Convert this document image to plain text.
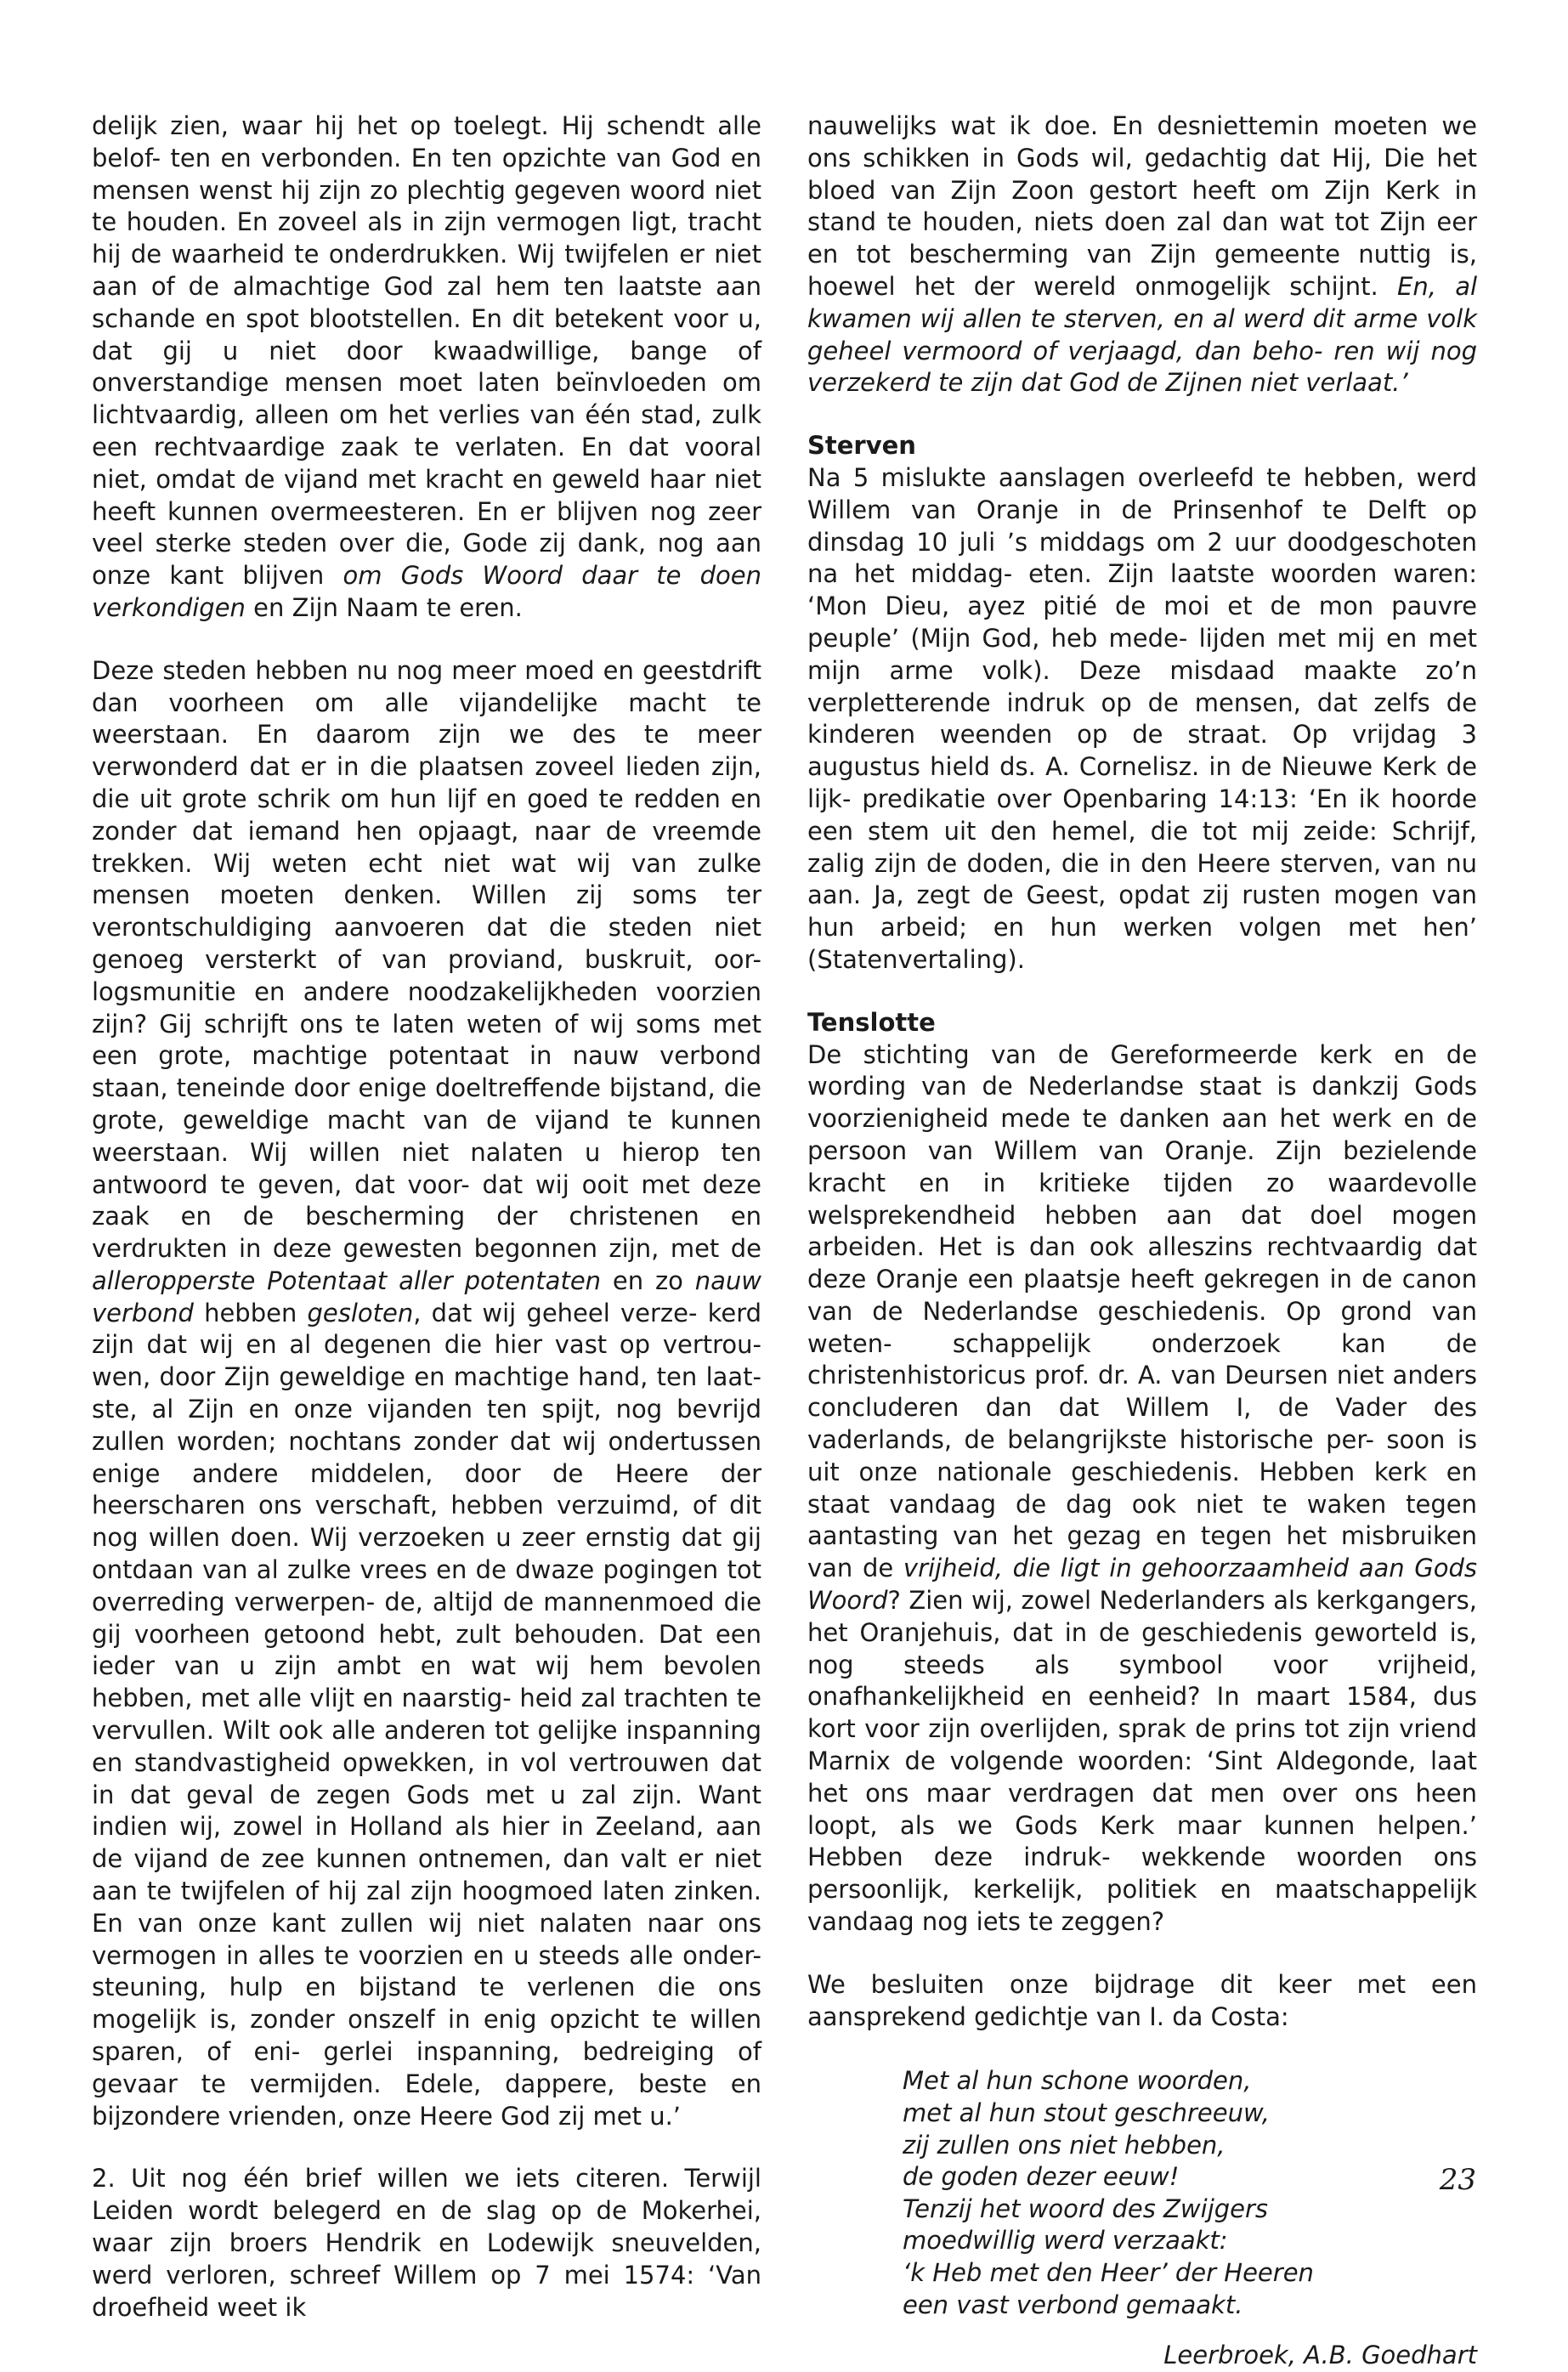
delijk zien, waar hij het op toelegt. Hij schendt alle belof- ten en verbonden. En ten opzichte van God en mensen wenst hij zijn zo plechtig gegeven woord niet te houden. En zoveel als in zijn vermogen ligt, tracht hij de waarheid te onderdrukken. Wij twijfelen er niet aan of de almachtige God zal hem ten laatste aan schande en spot blootstellen. En dit betekent voor u, dat gij u niet door kwaadwillige, bange of onverstandige mensen moet laten beïnvloeden om lichtvaardig, alleen om het verlies van één stad, zulk een rechtvaardige zaak te verlaten. En dat vooral niet, omdat de vijand met kracht en geweld haar niet heeft kunnen overmeesteren. En er blijven nog zeer veel sterke steden over die, Gode zij dank, nog aan onze kant blijven om Gods Woord daar te doen verkondigen en Zijn Naam te eren.

Deze steden hebben nu nog meer moed en geestdrift dan voorheen om alle vijandelijke macht te weerstaan. En daarom zijn we des te meer verwonderd dat er in die plaatsen zoveel lieden zijn, die uit grote schrik om hun lijf en goed te redden en zonder dat iemand hen opjaagt, naar de vreemde trekken. Wij weten echt niet wat wij van zulke mensen moeten denken. Willen zij soms ter verontschuldiging aanvoeren dat die steden niet genoeg versterkt of van proviand, buskruit, oor- logsmunitie en andere noodzakelijkheden voorzien zijn? Gij schrijft ons te laten weten of wij soms met een grote, machtige potentaat in nauw verbond staan, teneinde door enige doeltreffende bijstand, die grote, geweldige macht van de vijand te kunnen weerstaan. Wij willen niet nalaten u hierop ten antwoord te geven, dat voor- dat wij ooit met deze zaak en de bescherming der christenen en verdrukten in deze gewesten begonnen zijn, met de alleropperste Potentaat aller potentaten en zo nauw verbond hebben gesloten, dat wij geheel verze- kerd zijn dat wij en al degenen die hier vast op vertrou- wen, door Zijn geweldige en machtige hand, ten laat- ste, al Zijn en onze vijanden ten spijt, nog bevrijd zullen worden; nochtans zonder dat wij ondertussen enige andere middelen, door de Heere der heerscharen ons verschaft, hebben verzuimd, of dit nog willen doen. Wij verzoeken u zeer ernstig dat gij ontdaan van al zulke vrees en de dwaze pogingen tot overreding verwerpen- de, altijd de mannenmoed die gij voorheen getoond hebt, zult behouden. Dat een ieder van u zijn ambt en wat wij hem bevolen hebben, met alle vlijt en naarstig- heid zal trachten te vervullen. Wilt ook alle anderen tot gelijke inspanning en standvastigheid opwekken, in vol vertrouwen dat in dat geval de zegen Gods met u zal zijn. Want indien wij, zowel in Holland als hier in Zeeland, aan de vijand de zee kunnen ontnemen, dan valt er niet aan te twijfelen of hij zal zijn hoogmoed laten zinken. En van onze kant zullen wij niet nalaten naar ons vermogen in alles te voorzien en u steeds alle onder- steuning, hulp en bijstand te verlenen die ons mogelijk is, zonder onszelf in enig opzicht te willen sparen, of eni- gerlei inspanning, bedreiging of gevaar te vermijden. Edele, dappere, beste en bijzondere vrienden, onze Heere God zij met u.’

2. Uit nog één brief willen we iets citeren. Terwijl Leiden wordt belegerd en de slag op de Mokerhei, waar zijn broers Hendrik en Lodewijk sneuvelden, werd verloren, schreef Willem op 7 mei 1574: ‘Van droefheid weet ik

nauwelijks wat ik doe. En desniettemin moeten we ons schikken in Gods wil, gedachtig dat Hij, Die het bloed van Zijn Zoon gestort heeft om Zijn Kerk in stand te houden, niets doen zal dan wat tot Zijn eer en tot bescherming van Zijn gemeente nuttig is, hoewel het der wereld onmogelijk schijnt. En, al kwamen wij allen te sterven, en al werd dit arme volk geheel vermoord of verjaagd, dan beho- ren wij nog verzekerd te zijn dat God de Zijnen niet verlaat.’

Sterven

Na 5 mislukte aanslagen overleefd te hebben, werd Willem van Oranje in de Prinsenhof te Delft op dinsdag 10 juli ’s middags om 2 uur doodgeschoten na het middag- eten. Zijn laatste woorden waren: ‘Mon Dieu, ayez pitié de moi et de mon pauvre peuple’ (Mijn God, heb mede- lijden met mij en met mijn arme volk). Deze misdaad maakte zo’n verpletterende indruk op de mensen, dat zelfs de kinderen weenden op de straat. Op vrijdag 3 augustus hield ds. A. Cornelisz. in de Nieuwe Kerk de lijk- predikatie over Openbaring 14:13: ‘En ik hoorde een stem uit den hemel, die tot mij zeide: Schrijf, zalig zijn de doden, die in den Heere sterven, van nu aan. Ja, zegt de Geest, opdat zij rusten mogen van hun arbeid; en hun werken volgen met hen’ (Statenvertaling).

Tenslotte

De stichting van de Gereformeerde kerk en de wording van de Nederlandse staat is dankzij Gods voorzienigheid mede te danken aan het werk en de persoon van Willem van Oranje. Zijn bezielende kracht en in kritieke tijden zo waardevolle welsprekendheid hebben aan dat doel mogen arbeiden. Het is dan ook alleszins rechtvaardig dat deze Oranje een plaatsje heeft gekregen in de canon van de Nederlandse geschiedenis. Op grond van weten- schappelijk onderzoek kan de christenhistoricus prof. dr. A. van Deursen niet anders concluderen dan dat Willem I, de Vader des vaderlands, de belangrijkste historische per- soon is uit onze nationale geschiedenis. Hebben kerk en staat vandaag de dag ook niet te waken tegen aantasting van het gezag en tegen het misbruiken van de vrijheid, die ligt in gehoorzaamheid aan Gods Woord? Zien wij, zowel Nederlanders als kerkgangers, het Oranjehuis, dat in de geschiedenis geworteld is, nog steeds als symbool voor vrijheid, onafhankelijkheid en eenheid? In maart 1584, dus kort voor zijn overlijden, sprak de prins tot zijn vriend Marnix de volgende woorden: ‘Sint Aldegonde, laat het ons maar verdragen dat men over ons heen loopt, als we Gods Kerk maar kunnen helpen.’ Hebben deze indruk- wekkende woorden ons persoonlijk, kerkelijk, politiek en maatschappelijk vandaag nog iets te zeggen?

We besluiten onze bijdrage dit keer met een aansprekend gedichtje van I. da Costa:

Met al hun schone woorden,
met al hun stout geschreeuw,
zij zullen ons niet hebben,
de goden dezer eeuw!
Tenzij het woord des Zwijgers
moedwillig werd verzaakt:
‘k Heb met den Heer’ der Heeren
een vast verbond gemaakt.
Leerbroek, A.B. Goedhart
23
